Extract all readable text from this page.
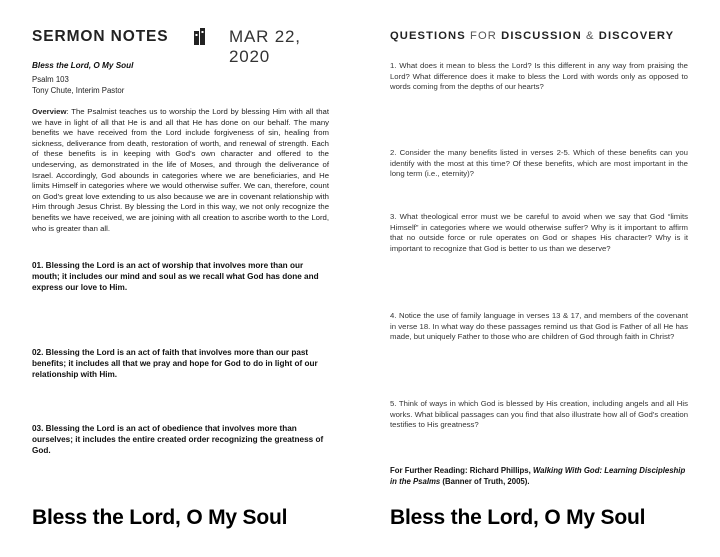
SERMON NOTES	MAR 22, 2020
Bless the Lord, O My Soul
Psalm 103
Tony Chute, Interim Pastor
Overview: The Psalmist teaches us to worship the Lord by blessing Him with all that we have in light of all that He is and all that He has done on our behalf. The many benefits we have received from the Lord include forgiveness of sin, healing from sickness, deliverance from death, restoration of worth, and renewal of strength. Each of these benefits is in keeping with God’s own character and offered to the undeserving, as demonstrated in the life of Moses, and through the deliverance of Israel. Accordingly, God abounds in categories where we are beneficiaries, and He limits Himself in categories where we would otherwise suffer. We can, therefore, count on God’s great love extending to us also because we are in covenant relationship with Him through Jesus Christ. By blessing the Lord in this way, we not only recognize the benefits we have received, we are joining with all creation to ascribe worth to the Lord, who is greater than all.
01. Blessing the Lord is an act of worship that involves more than our mouth; it includes our mind and soul as we recall what God has done and express our love to Him.
02. Blessing the Lord is an act of faith that involves more than our past benefits; it includes all that we pray and hope for God to do in light of our relationship with Him.
03. Blessing the Lord is an act of obedience that involves more than ourselves; it includes the entire created order recognizing the greatness of God.
QUESTIONS FOR DISCUSSION & DISCOVERY
1. What does it mean to bless the Lord? Is this different in any way from praising the Lord? What difference does it make to bless the Lord with words only as opposed to words coming from the depths of our hearts?
2. Consider the many benefits listed in verses 2-5. Which of these benefits can you identify with the most at this time? Of these benefits, which are most important in the long term (i.e., eternity)?
3. What theological error must we be careful to avoid when we say that God “limits Himself” in categories where we would otherwise suffer? Why is it important to affirm that no outside force or rule operates on God or shapes His character? Why is it important to recognize that God is better to us than we deserve?
4. Notice the use of family language in verses 13 & 17, and members of the covenant in verse 18. In what way do these passages remind us that God is Father of all He has made, but uniquely Father to those who are children of God through faith in Christ?
5. Think of ways in which God is blessed by His creation, including angels and all His works. What biblical passages can you find that also illustrate how all of God’s creation testifies to His greatness?
For Further Reading: Richard Phillips, Walking With God: Learning Discipleship in the Psalms (Banner of Truth, 2005).
Bless the Lord, O My Soul	Bless the Lord, O My Soul
